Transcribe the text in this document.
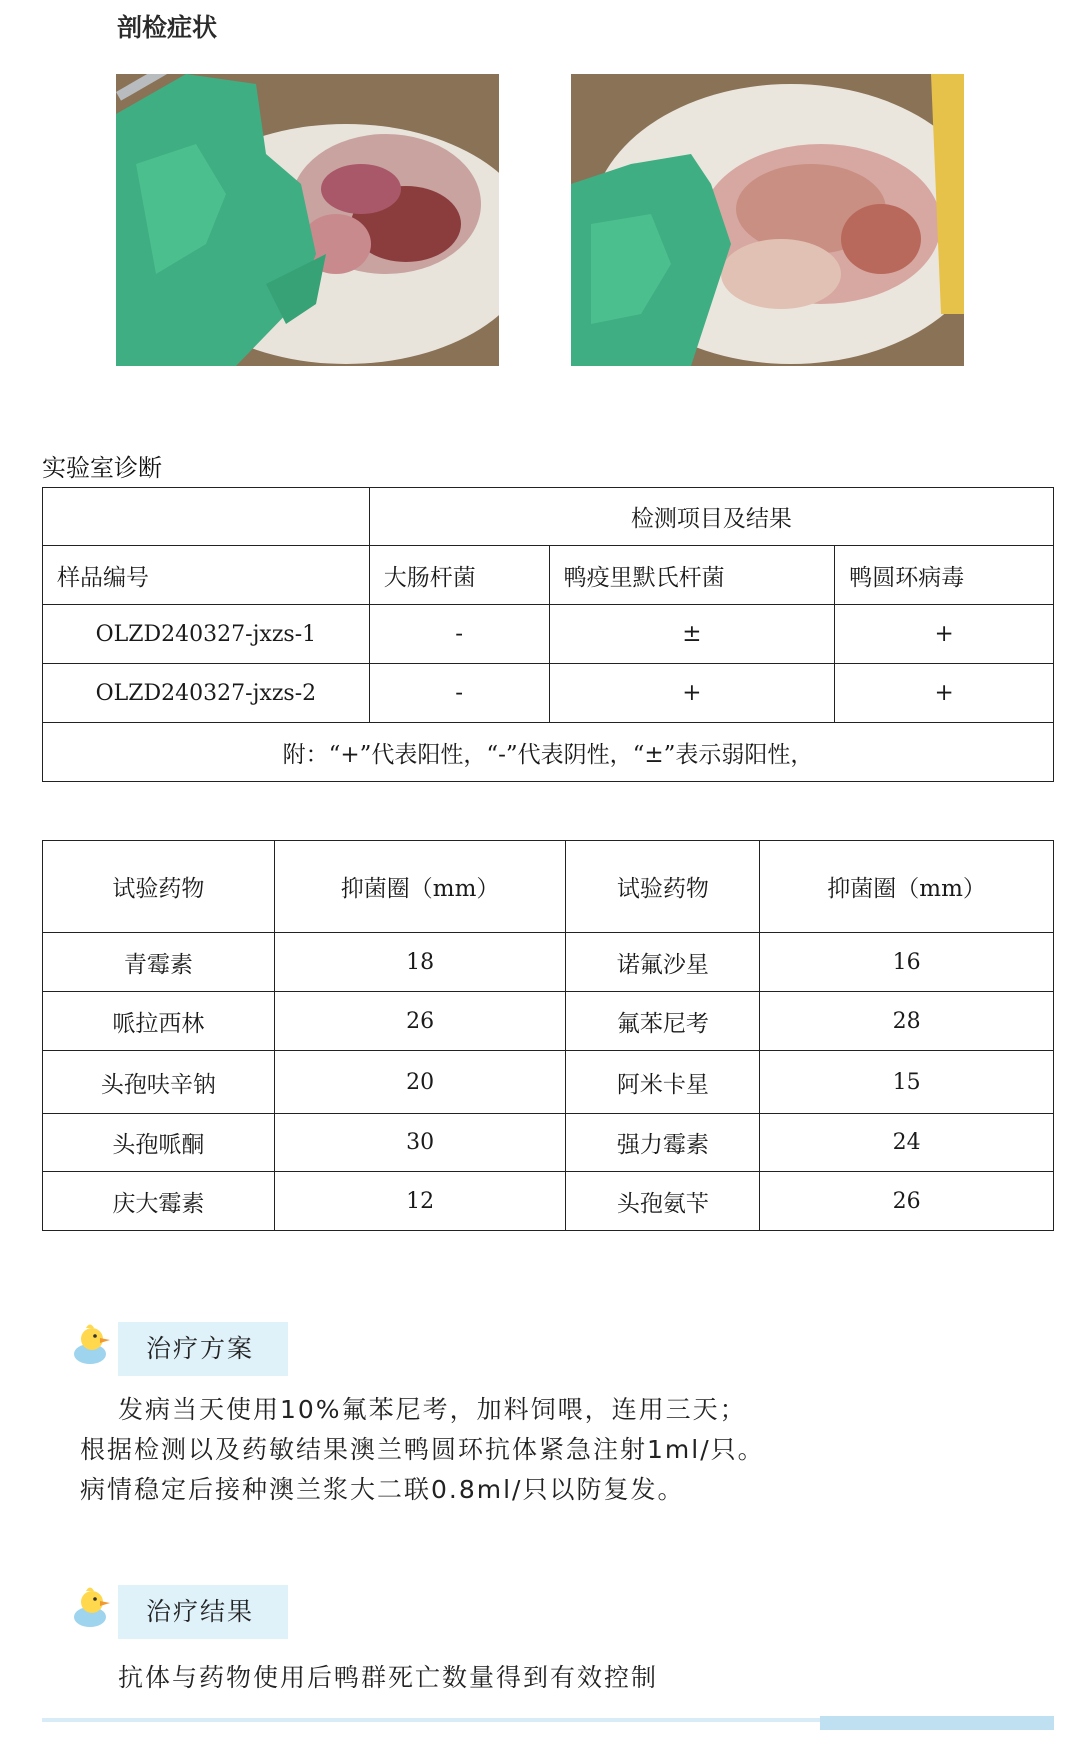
剖检症状
实验室诊断
	检测项目及结果		
样品编号	大肠杆菌	鸭疫里默氏杆菌	鸭圆环病毒
OLZD240327-jxzs-1	-	±	+
OLZD240327-jxzs-2	-	+	+
附：“+”代表阳性，“-”代表阴性，“±”表示弱阳性，			
试验药物	抑菌圈（mm）	试验药物	抑菌圈（mm）
青霉素	18	诺氟沙星	16
哌拉西林	26	氟苯尼考	28
头孢呋辛钠	20	阿米卡星	15
头孢哌酮	30	强力霉素	24
庆大霉素	12	头孢氨苄	26
治疗方案
发病当天使用10%氟苯尼考，加料饲喂，连用三天；
根据检测以及药敏结果澳兰鸭圆环抗体紧急注射1ml/只。
病情稳定后接种澳兰浆大二联0.8ml/只以防复发。
治疗结果
抗体与药物使用后鸭群死亡数量得到有效控制
